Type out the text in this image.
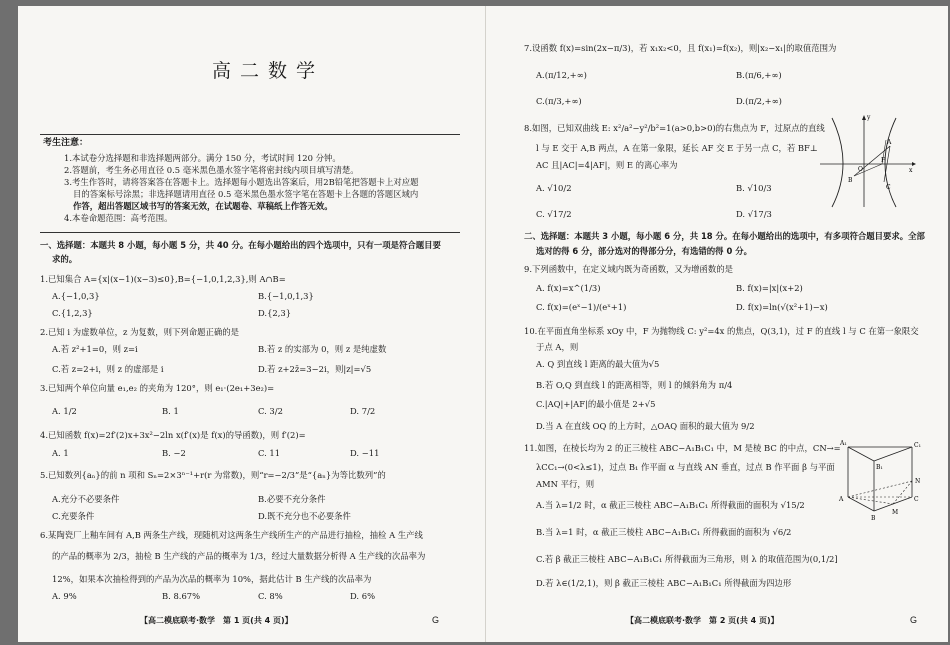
高二数学
考生注意：
1.本试卷分选择题和非选择题两部分。满分 150 分，考试时间 120 分钟。
2.答题前，考生务必用直径 0.5 毫米黑色墨水签字笔将密封线内项目填写清楚。
3.考生作答时，请将答案答在答题卡上。选择题每小题选出答案后，用2B铅笔把答题卡上对应题
目的答案标号涂黑；非选择题请用直径 0.5 毫米黑色墨水签字笔在答题卡上各题的答题区域内
作答，超出答题区域书写的答案无效，在试题卷、草稿纸上作答无效。
4.本卷命题范围：高考范围。
一、选择题：本题共 8 小题，每小题 5 分，共 40 分。在每小题给出的四个选项中，只有一项是符合题目要
求的。
1.已知集合 A={x|(x−1)(x−3)≤0},B={−1,0,1,2,3},则 A∩B=
A.{−1,0,3}	B.{−1,0,1,3}
C.{1,2,3}	D.{2,3}
2.已知 i 为虚数单位，z 为复数，则下列命题正确的是
A.若 z²+1=0，则 z=i	B.若 z 的实部为 0，则 z 是纯虚数
C.若 z=2+i，则 z 的虚部是 i	D.若 z+2z̄=3−2i，则|z|=√5
3.已知两个单位向量 e₁,e₂ 的夹角为 120°，则 e₁·(2e₁+3e₂)=
A. 1/2	B. 1	C. 3/2	D. 7/2
4.已知函数 f(x)=2f′(2)x+3x²−2ln x(f′(x)是 f(x)的导函数)，则 f′(2)=
A. 1	B. −2	C. 11	D. −11
5.已知数列{aₙ}的前 n 项和 Sₙ=2×3ⁿ⁻¹+r(r 为常数)，则“r=−2/3”是“{aₙ}为等比数列”的
A.充分不必要条件	B.必要不充分条件
C.充要条件	D.既不充分也不必要条件
6.某陶瓷厂上釉车间有 A,B 两条生产线，现随机对这两条生产线所生产的产品进行抽检，抽检 A 生产线
的产品的概率为 2/3，抽检 B 生产线的产品的概率为 1/3，经过大量数据分析得 A 生产线的次品率为
12%，如果本次抽检得到的产品为次品的概率为 10%，据此估计 B 生产线的次品率为
A. 9%	B. 8.67%	C. 8%	D. 6%
【高二模底联考·数学　第 1 页(共 4 页)】	G
7.设函数 f(x)=sin(2x−π/3)，若 x₁x₂<0，且 f(x₁)=f(x₂)，则|x₂−x₁|的取值范围为
A.(π/12,+∞)	B.(π/6,+∞)
C.(π/3,+∞)	D.(π/2,+∞)
8.如图，已知双曲线 E: x²/a²−y²/b²=1(a>0,b>0)的右焦点为 F，过原点的直线
l 与 E 交于 A,B 两点，A 在第一象限，延长 AF 交 E 于另一点 C，若 BF⊥
AC 且|AC|=4|AF|，则 E 的离心率为
A. √10/2	B. √10/3
C. √17/2	D. √17/3
y
x
O
A
B
F
C
二、选择题：本题共 3 小题，每小题 6 分，共 18 分。在每小题给出的选项中，有多项符合题目要求。全部
选对的得 6 分，部分选对的得部分分，有选错的得 0 分。
9.下列函数中，在定义域内既为奇函数，又为增函数的是
A. f(x)=x^(1/3)	B. f(x)=|x|(x+2)
C. f(x)=(eˣ−1)/(eˣ+1)	D. f(x)=ln(√(x²+1)−x)
10.在平面直角坐标系 xOy 中，F 为抛物线 C: y²=4x 的焦点，Q(3,1)，过 F 的直线 l 与 C 在第一象限交
于点 A，则
A. Q 到直线 l 距离的最大值为√5
B.若 O,Q 到直线 l 的距离相等，则 l 的倾斜角为 π/4
C.|AQ|+|AF|的最小值是 2+√5
D.当 A 在直线 OQ 的上方时，△OAQ 面积的最大值为 9/2
11.如图，在棱长均为 2 的正三棱柱 ABC−A₁B₁C₁ 中，M 是棱 BC 的中点，CN→=
λCC₁→(0<λ≤1)，过点 B₁ 作平面 α 与直线 AN 垂直，过点 B 作平面 β 与平面
AMN 平行，则
A.当 λ=1/2 时，α 截正三棱柱 ABC−A₁B₁C₁ 所得截面的面积为 √15/2
B.当 λ=1 时，α 截正三棱柱 ABC−A₁B₁C₁ 所得截面的面积为 √6/2
C.若 β 截正三棱柱 ABC−A₁B₁C₁ 所得截面为三角形，则 λ 的取值范围为(0,1/2]
D.若 λ∈(1/2,1)，则 β 截正三棱柱 ABC−A₁B₁C₁ 所得截面为四边形
A₁
B₁
C₁
A
B
C
M
N
【高二模底联考·数学　第 2 页(共 4 页)】	G
